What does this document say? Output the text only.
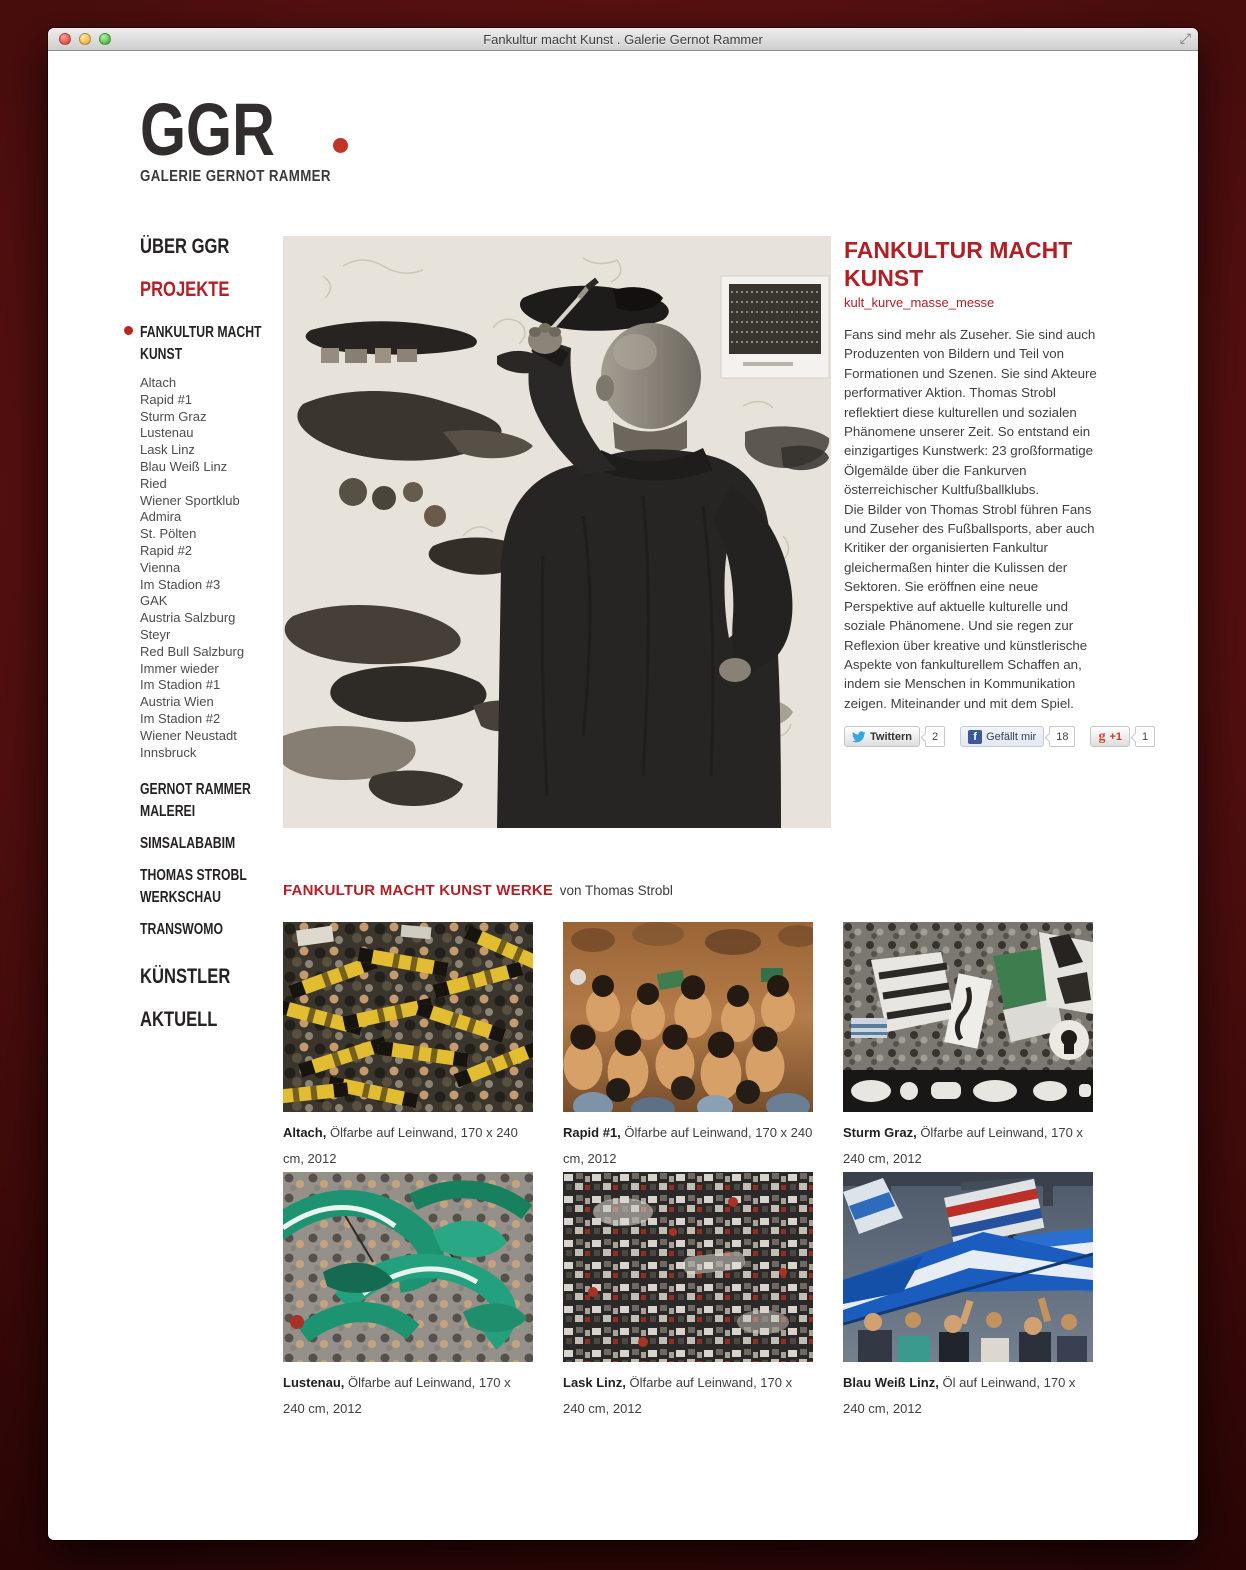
Fankultur macht Kunst . Galerie Gernot Rammer	⤢
GGR
GALERIE GERNOT RAMMER
ÜBER GGR
PROJEKTE
FANKULTUR MACHT KUNST
Altach
Rapid #1
Sturm Graz
Lustenau
Lask Linz
Blau Weiß Linz
Ried
Wiener Sportklub
Admira
St. Pölten
Rapid #2
Vienna
Im Stadion #3
GAK
Austria Salzburg
Steyr
Red Bull Salzburg
Immer wieder
Im Stadion #1
Austria Wien
Im Stadion #2
Wiener Neustadt
Innsbruck
GERNOT RAMMER MALEREI
SIMSALABABIM
THOMAS STROBL WERKSCHAU
TRANSWOMO
KÜNSTLER
AKTUELL
FANKULTUR MACHT KUNST
kult_kurve_masse_messe

Fans sind mehr als Zuseher. Sie sind auch Produzenten von Bildern und Teil von Formationen und Szenen. Sie sind Akteure performativer Aktion. Thomas Strobl reflektiert diese kulturellen und sozialen Phänomene unserer Zeit. So entstand ein einzigartiges Kunstwerk: 23 großformatige Ölgemälde über die Fankurven österreichischer Kultfußballklubs.

Die Bilder von Thomas Strobl führen Fans und Zuseher des Fußballsports, aber auch Kritiker der organisierten Fankultur gleichermaßen hinter die Kulissen der Sektoren. Sie eröffnen eine neue Perspektive auf aktuelle kulturelle und soziale Phänomene. Und sie regen zur Reflexion über kreative und künstlerische Aspekte von fankulturellem Schaffen an, indem sie Menschen in Kommunikation zeigen. Miteinander und mit dem Spiel.

Twittern	2	f Gefällt mir	18	g +1	1
FANKULTUR MACHT KUNST WERKE von Thomas Strobl
Altach, Ölfarbe auf Leinwand, 170 x 240 cm, 2012
Rapid #1, Ölfarbe auf Leinwand, 170 x 240 cm, 2012
Sturm Graz, Ölfarbe auf Leinwand, 170 x 240 cm, 2012
Lustenau, Ölfarbe auf Leinwand, 170 x 240 cm, 2012
Lask Linz, Ölfarbe auf Leinwand, 170 x 240 cm, 2012
Blau Weiß Linz, Öl auf Leinwand, 170 x 240 cm, 2012
